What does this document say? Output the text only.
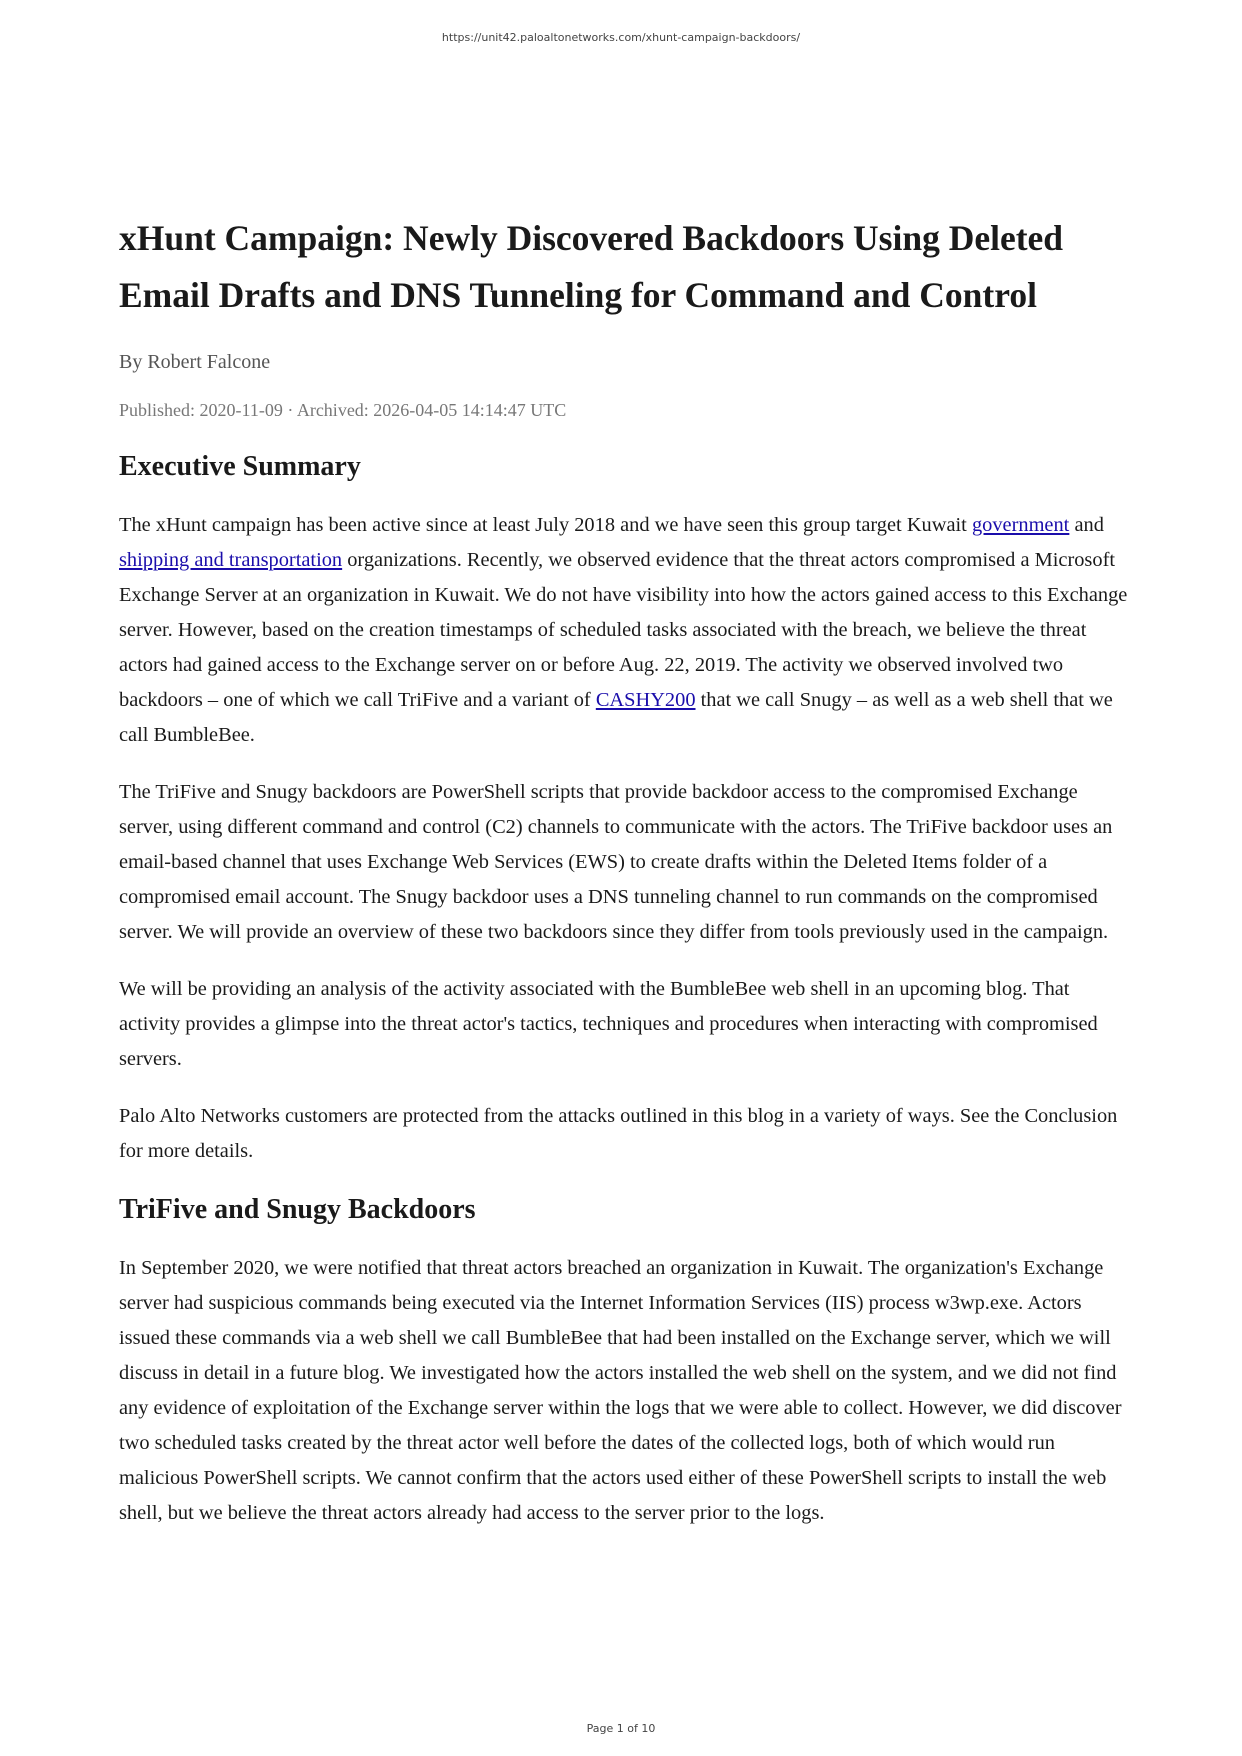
https://unit42.paloaltonetworks.com/xhunt-campaign-backdoors/
xHunt Campaign: Newly Discovered Backdoors Using Deleted Email Drafts and DNS Tunneling for Command and Control
By Robert Falcone
Published: 2020-11-09 · Archived: 2026-04-05 14:14:47 UTC
Executive Summary

The xHunt campaign has been active since at least July 2018 and we have seen this group target Kuwait government and shipping and transportation organizations. Recently, we observed evidence that the threat actors compromised a Microsoft Exchange Server at an organization in Kuwait. We do not have visibility into how the actors gained access to this Exchange server. However, based on the creation timestamps of scheduled tasks associated with the breach, we believe the threat actors had gained access to the Exchange server on or before Aug. 22, 2019. The activity we observed involved two backdoors – one of which we call TriFive and a variant of CASHY200 that we call Snugy – as well as a web shell that we call BumbleBee.

The TriFive and Snugy backdoors are PowerShell scripts that provide backdoor access to the compromised Exchange server, using different command and control (C2) channels to communicate with the actors. The TriFive backdoor uses an email-based channel that uses Exchange Web Services (EWS) to create drafts within the Deleted Items folder of a compromised email account. The Snugy backdoor uses a DNS tunneling channel to run commands on the compromised server. We will provide an overview of these two backdoors since they differ from tools previously used in the campaign.

We will be providing an analysis of the activity associated with the BumbleBee web shell in an upcoming blog. That activity provides a glimpse into the threat actor's tactics, techniques and procedures when interacting with compromised servers.

Palo Alto Networks customers are protected from the attacks outlined in this blog in a variety of ways. See the Conclusion for more details.

TriFive and Snugy Backdoors

In September 2020, we were notified that threat actors breached an organization in Kuwait. The organization's Exchange server had suspicious commands being executed via the Internet Information Services (IIS) process w3wp.exe. Actors issued these commands via a web shell we call BumbleBee that had been installed on the Exchange server, which we will discuss in detail in a future blog. We investigated how the actors installed the web shell on the system, and we did not find any evidence of exploitation of the Exchange server within the logs that we were able to collect. However, we did discover two scheduled tasks created by the threat actor well before the dates of the collected logs, both of which would run malicious PowerShell scripts. We cannot confirm that the actors used either of these PowerShell scripts to install the web shell, but we believe the threat actors already had access to the server prior to the logs.

Page 1 of 10
